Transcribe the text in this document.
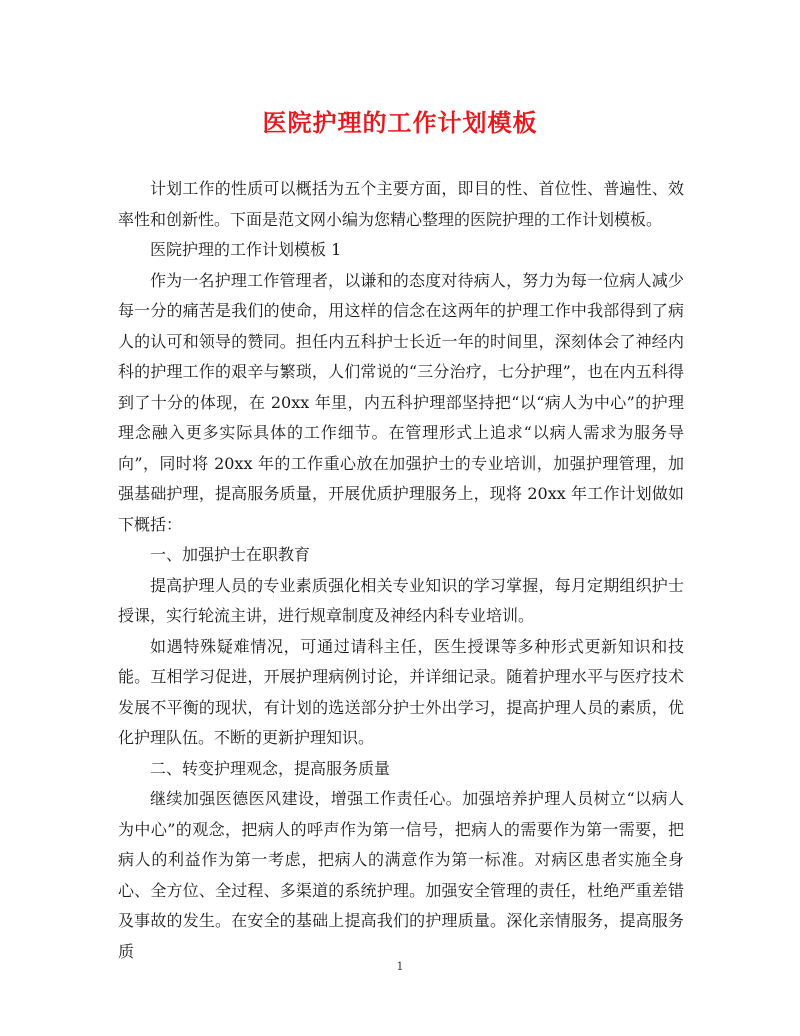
医院护理的工作计划模板

计划工作的性质可以概括为五个主要方面，即目的性、首位性、普遍性、效率性和创新性。下面是范文网小编为您精心整理的医院护理的工作计划模板。

医院护理的工作计划模板 1

作为一名护理工作管理者，以谦和的态度对待病人，努力为每一位病人减少每一分的痛苦是我们的使命，用这样的信念在这两年的护理工作中我部得到了病人的认可和领导的赞同。担任内五科护士长近一年的时间里，深刻体会了神经内科的护理工作的艰辛与繁琐，人们常说的“三分治疗，七分护理”，也在内五科得到了十分的体现，在 20xx 年里，内五科护理部坚持把“以“病人为中心”的护理理念融入更多实际具体的工作细节。在管理形式上追求“以病人需求为服务导向”，同时将 20xx 年的工作重心放在加强护士的专业培训，加强护理管理，加强基础护理，提高服务质量，开展优质护理服务上，现将 20xx 年工作计划做如下概括：

一、加强护士在职教育

提高护理人员的专业素质强化相关专业知识的学习掌握，每月定期组织护士授课，实行轮流主讲，进行规章制度及神经内科专业培训。

如遇特殊疑难情况，可通过请科主任，医生授课等多种形式更新知识和技能。互相学习促进，开展护理病例讨论，并详细记录。随着护理水平与医疗技术发展不平衡的现状，有计划的选送部分护士外出学习，提高护理人员的素质，优化护理队伍。不断的更新护理知识。

二、转变护理观念，提高服务质量

继续加强医德医风建设，增强工作责任心。加强培养护理人员树立“以病人为中心”的观念，把病人的呼声作为第一信号，把病人的需要作为第一需要，把病人的利益作为第一考虑，把病人的满意作为第一标准。对病区患者实施全身心、全方位、全过程、多渠道的系统护理。加强安全管理的责任，杜绝严重差错及事故的发生。在安全的基础上提高我们的护理质量。深化亲情服务，提高服务质

1
